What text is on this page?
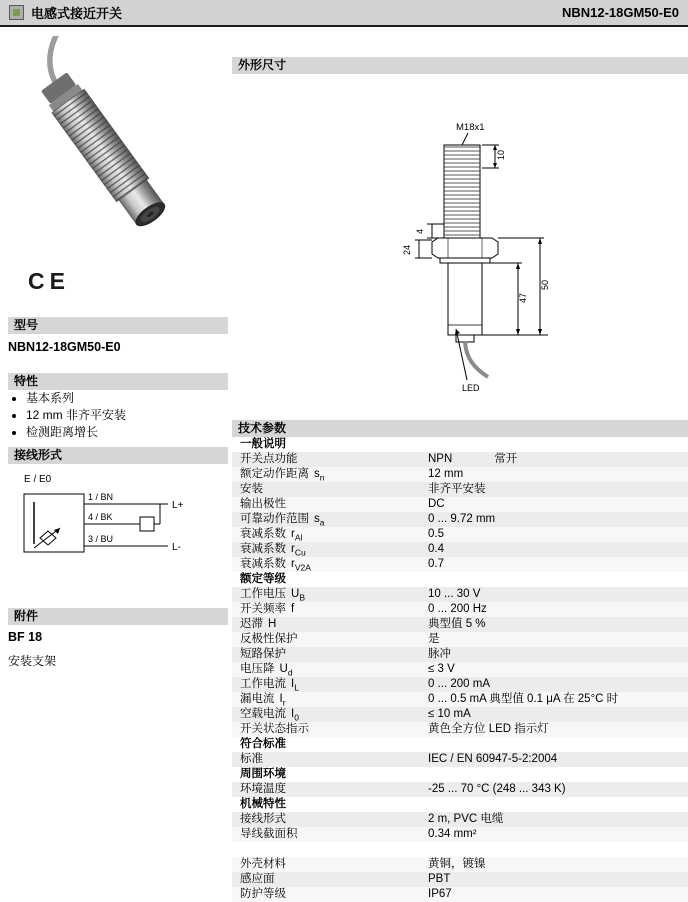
电感式接近开关	NBN12-18GM50-E0
CE
型号
NBN12-18GM50-E0
特性
• 基本系列
• 12 mm 非齐平安装
• 检测距离增长
接线形式
E / E0
1 / BN
L+
4 / BK
3 / BU
L-
附件
BF 18
安装支架
外形尺寸
M18x1
10
4
24
LED
47
50
技术参数
一般说明
开关点功能	NPN	常开
额定动作距离 $s_n$	12 mm
安装	非齐平安装
输出极性	DC
可靠动作范围 $s_a$	0 ... 9.72 mm
衰减系数 $r_{Al}$	0.5
衰减系数 $r_{Cu}$	0.4
衰减系数 $r_{V2A}$	0.7
额定等级
工作电压 $U_B$	10 ... 30 V
开关频率 f	0 ... 200 Hz
迟滞 H	典型值 5 %
反极性保护	是
短路保护	脉冲
电压降 $U_d$	≤ 3 V
工作电流 $I_L$	0 ... 200 mA
漏电流 $I_r$	0 ... 0.5 mA 典型值 0.1 μA 在 25°C 时
空载电流 $I_0$	≤ 10 mA
开关状态指示	黄色全方位 LED 指示灯
符合标准
标准	IEC / EN 60947-5-2:2004
周围环境
环境温度	-25 ... 70 °C (248 ... 343 K)
机械特性
接线形式	2 m, PVC 电缆
导线截面积	0.34 mm²
外壳材料	黄铜，镀镍
感应面	PBT
防护等级	IP67
